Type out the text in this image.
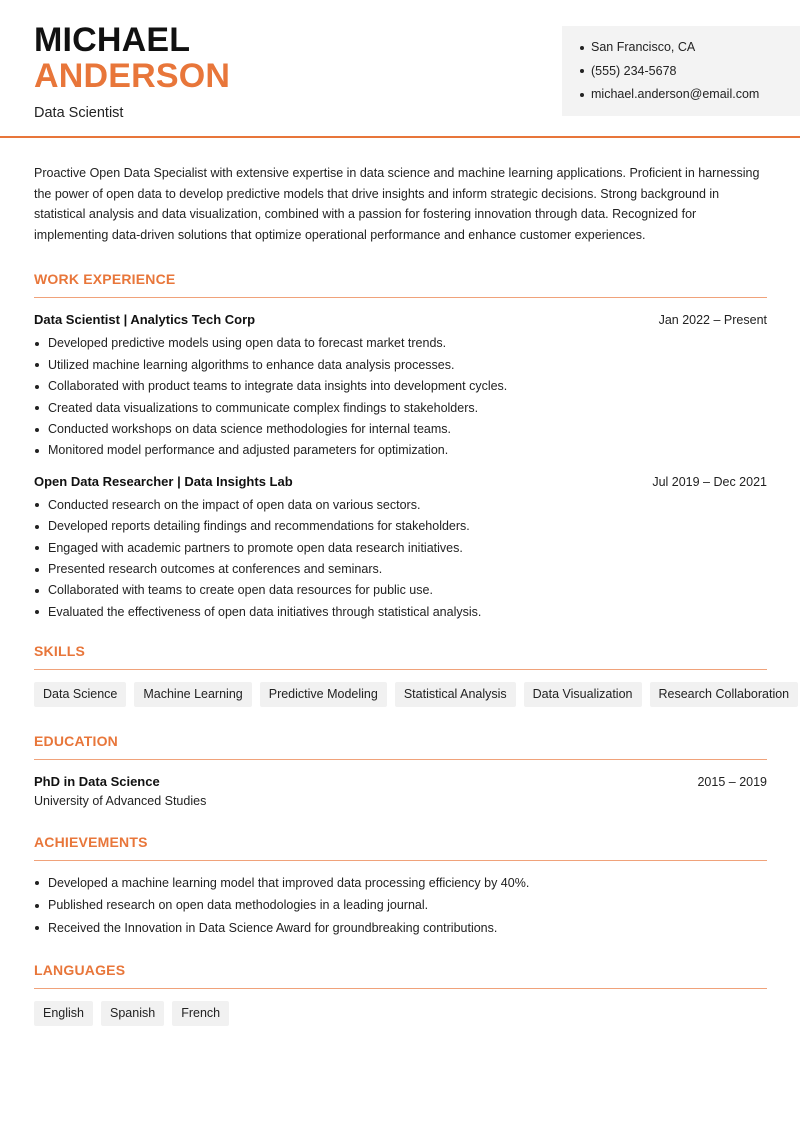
MICHAEL
ANDERSON
Data Scientist
San Francisco, CA
(555) 234-5678
michael.anderson@email.com

Proactive Open Data Specialist with extensive expertise in data science and machine learning applications. Proficient in harnessing the power of open data to develop predictive models that drive insights and inform strategic decisions. Strong background in statistical analysis and data visualization, combined with a passion for fostering innovation through data. Recognized for implementing data-driven solutions that optimize operational performance and enhance customer experiences.

WORK EXPERIENCE
Data Scientist | Analytics Tech Corp	Jan 2022 – Present
Developed predictive models using open data to forecast market trends.
Utilized machine learning algorithms to enhance data analysis processes.
Collaborated with product teams to integrate data insights into development cycles.
Created data visualizations to communicate complex findings to stakeholders.
Conducted workshops on data science methodologies for internal teams.
Monitored model performance and adjusted parameters for optimization.
Open Data Researcher | Data Insights Lab	Jul 2019 – Dec 2021
Conducted research on the impact of open data on various sectors.
Developed reports detailing findings and recommendations for stakeholders.
Engaged with academic partners to promote open data research initiatives.
Presented research outcomes at conferences and seminars.
Collaborated with teams to create open data resources for public use.
Evaluated the effectiveness of open data initiatives through statistical analysis.
SKILLS
Data Science	Machine Learning	Predictive Modeling	Statistical Analysis	Data Visualization	Research Collaboration
EDUCATION
PhD in Data Science	2015 – 2019
University of Advanced Studies
ACHIEVEMENTS
Developed a machine learning model that improved data processing efficiency by 40%.
Published research on open data methodologies in a leading journal.
Received the Innovation in Data Science Award for groundbreaking contributions.
LANGUAGES
English	Spanish	French
